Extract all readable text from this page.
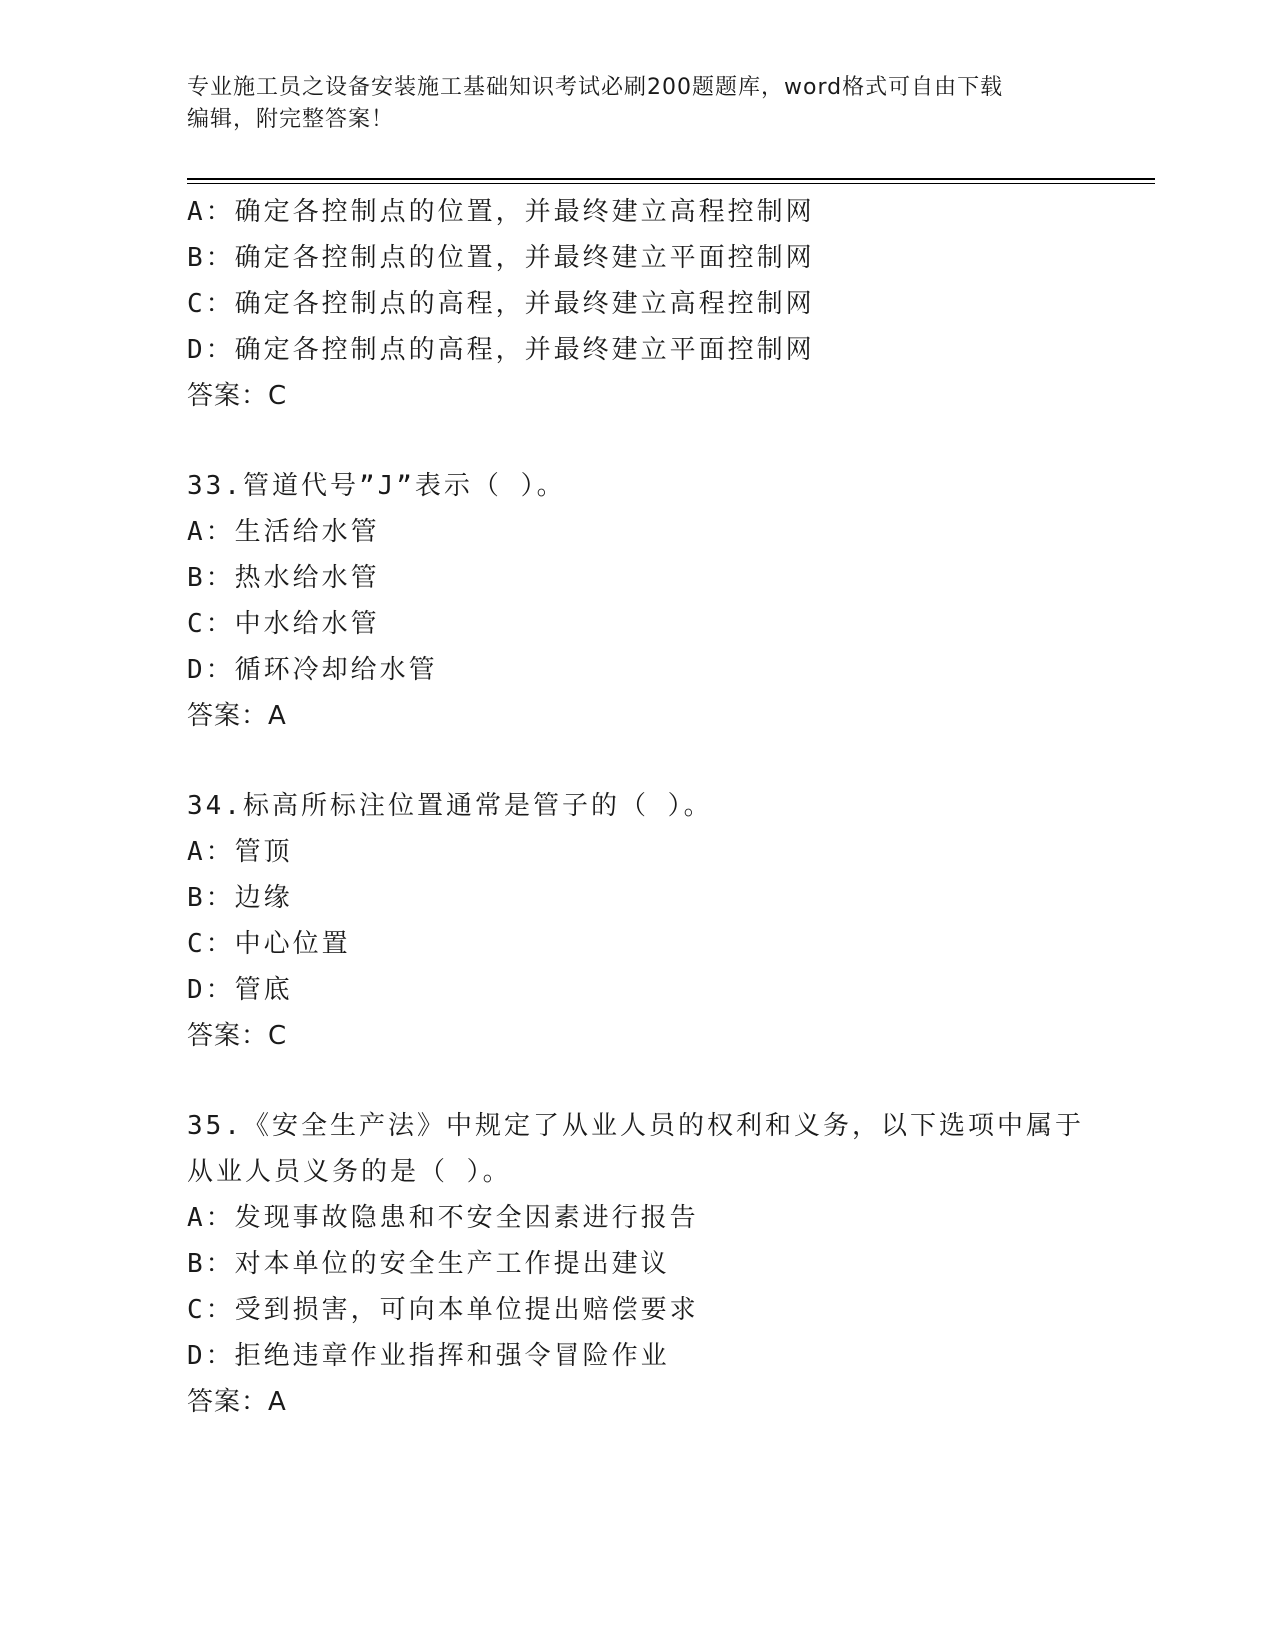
专业施工员之设备安装施工基础知识考试必刷200题题库，word格式可自由下载
编辑，附完整答案！
A：确定各控制点的位置，并最终建立高程控制网
B：确定各控制点的位置，并最终建立平面控制网
C：确定各控制点的高程，并最终建立高程控制网
D：确定各控制点的高程，并最终建立平面控制网
答案：C
33.管道代号”J”表示（ ）。
A：生活给水管
B：热水给水管
C：中水给水管
D：循环冷却给水管
答案：A
34.标高所标注位置通常是管子的（ ）。
A：管顶
B：边缘
C：中心位置
D：管底
答案：C
35.《安全生产法》中规定了从业人员的权利和义务，以下选项中属于
从业人员义务的是（ ）。
A：发现事故隐患和不安全因素进行报告
B：对本单位的安全生产工作提出建议
C：受到损害，可向本单位提出赔偿要求
D：拒绝违章作业指挥和强令冒险作业
答案：A
